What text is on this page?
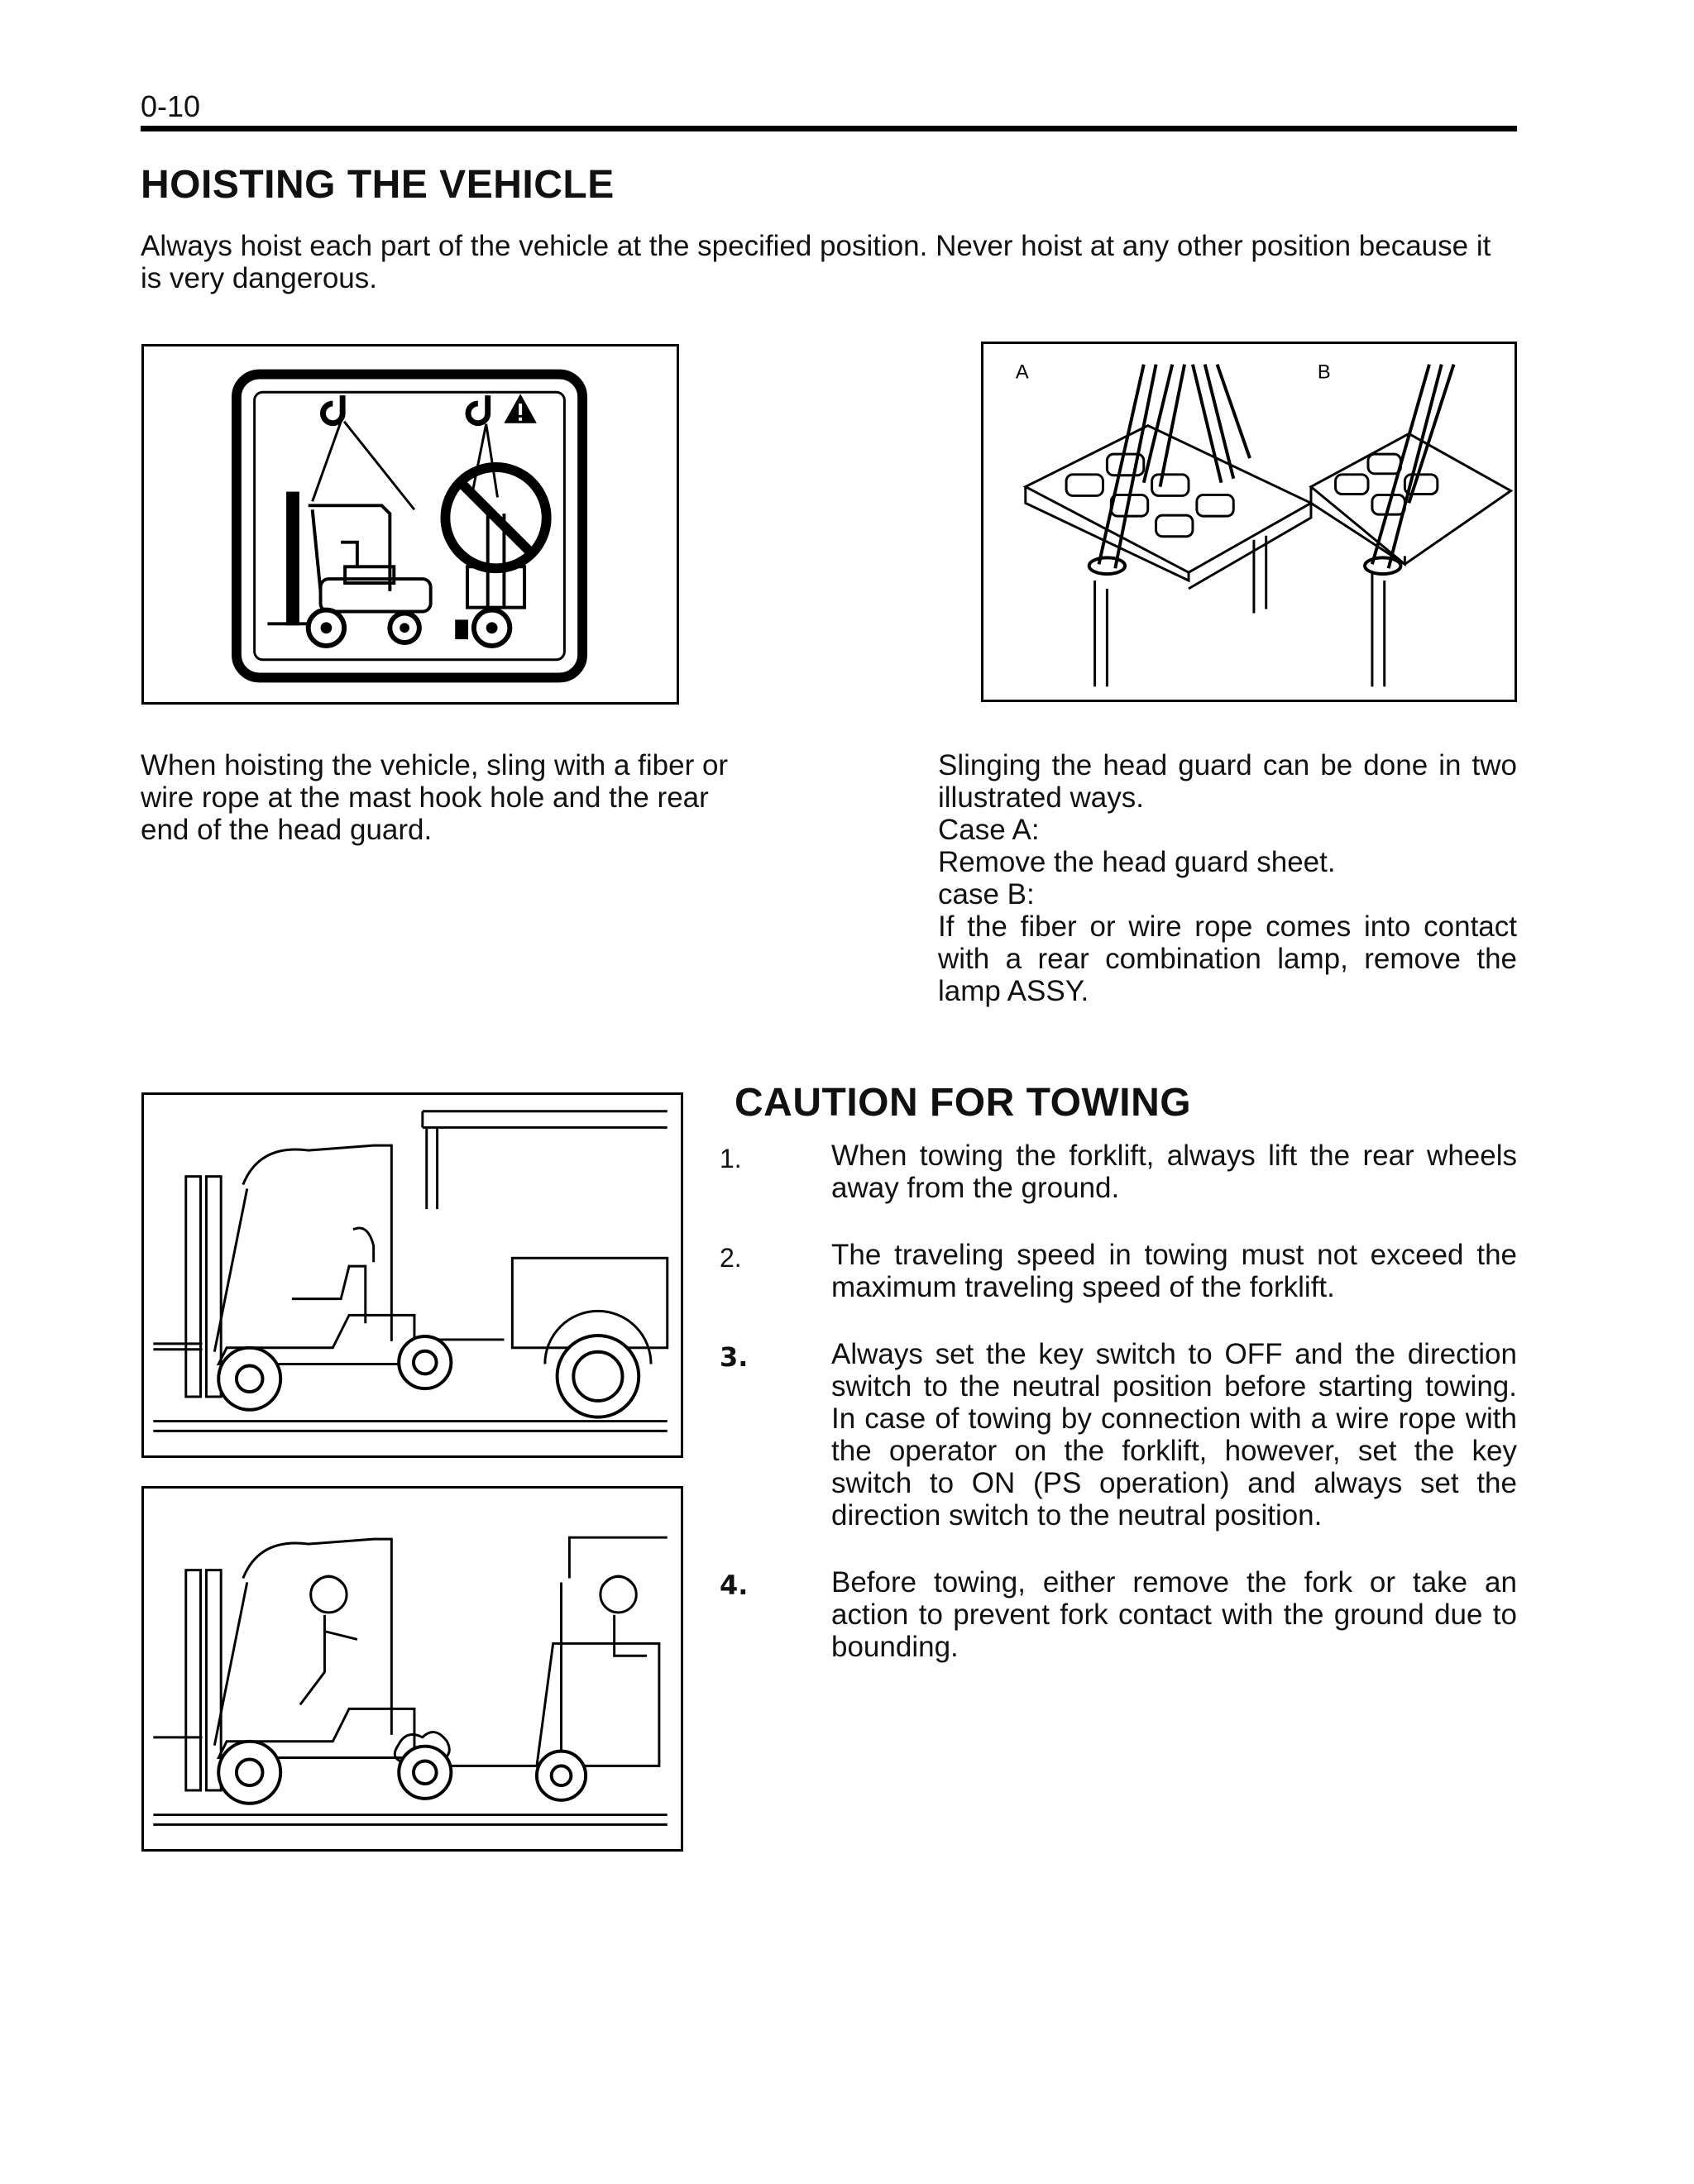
0-10
HOISTING THE VEHICLE
Always hoist each part of the vehicle at the specified position. Never hoist at any other position because it is very dangerous.
A	B
When hoisting the vehicle, sling with a fiber or wire rope at the mast hook hole and the rear end of the head guard.
Slinging the head guard can be done in two illustrated ways.
Case A:
Remove the head guard sheet.
case B:
If the fiber or wire rope comes into contact with a rear combination lamp, remove the lamp ASSY.
CAUTION FOR TOWING
1.	When towing the forklift, always lift the rear wheels away from the ground.
2.	The traveling speed in towing must not exceed the maximum traveling speed of the forklift.
3.	Always set the key switch to OFF and the direction switch to the neutral position before starting towing. In case of towing by connection with a wire rope with the operator on the forklift, however, set the key switch to ON (PS operation) and always set the direction switch to the neutral position.
4.	Before towing, either remove the fork or take an action to prevent fork contact with the ground due to bounding.
